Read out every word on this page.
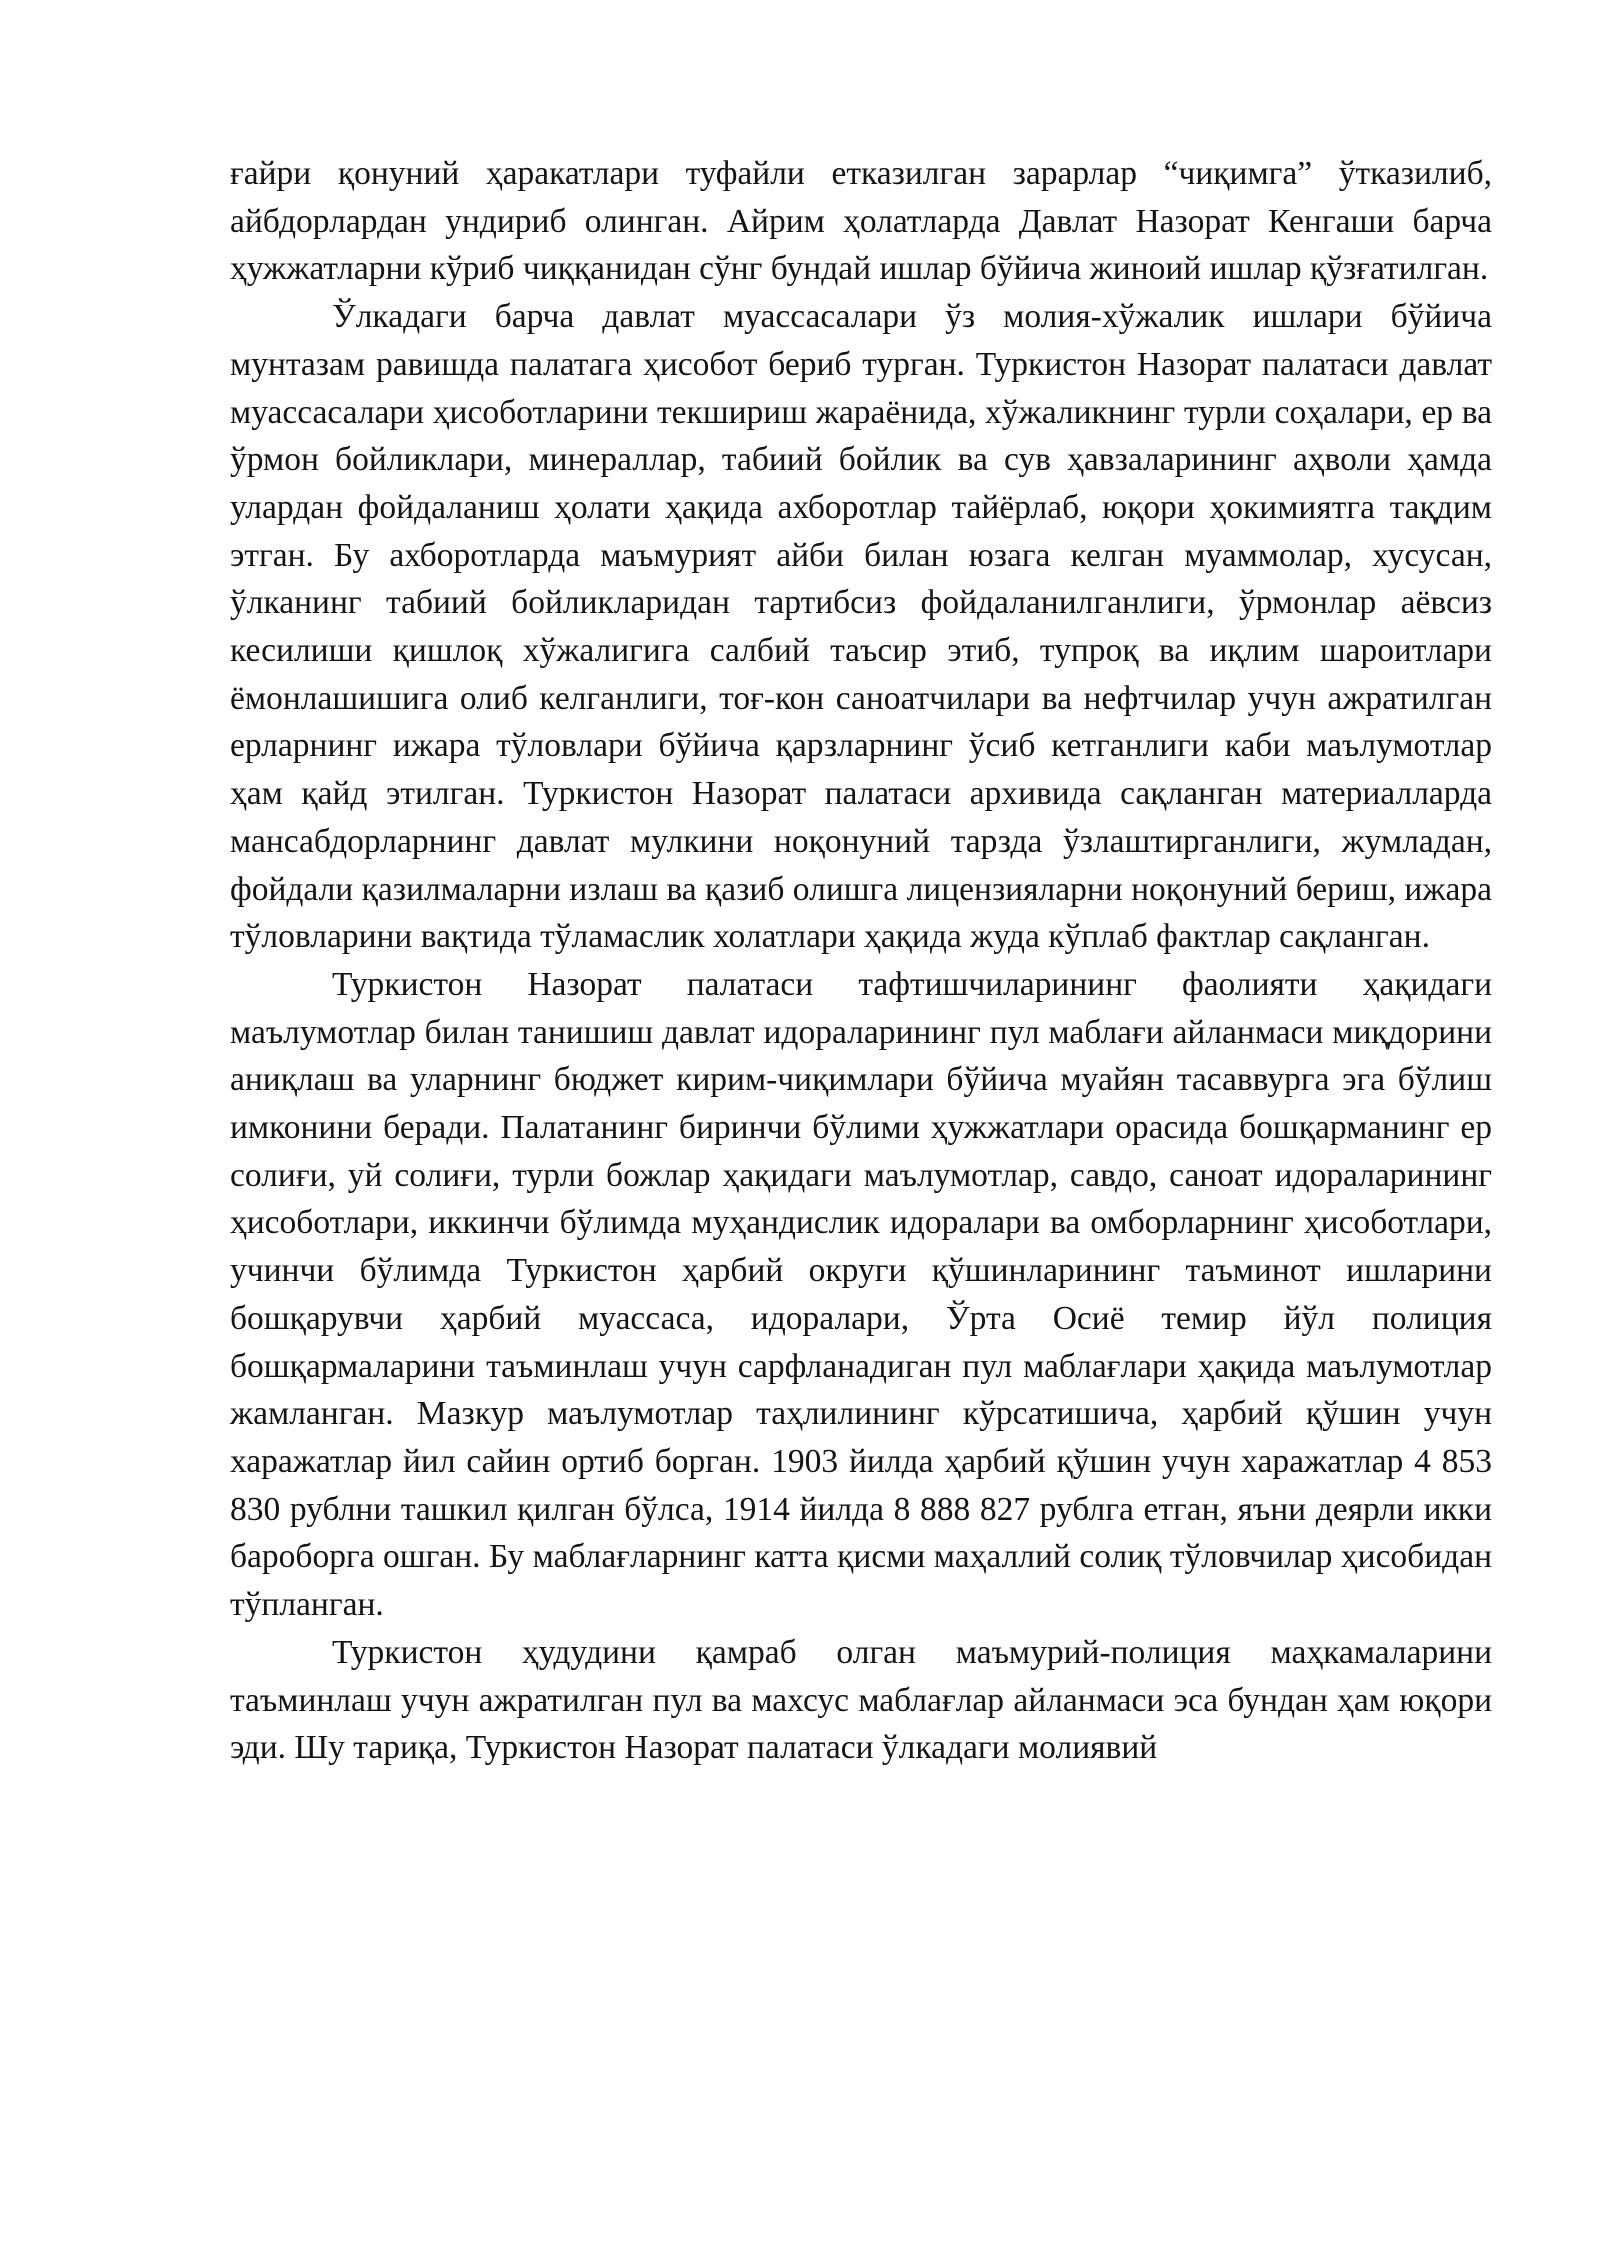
ғайри қонуний ҳаракатлари туфайли етказилган зарарлар “чиқимга” ўтказилиб, айбдорлардан ундириб олинган. Айрим ҳолатларда Давлат Назорат Кенгаши барча ҳужжатларни кўриб чиққанидан сўнг бундай ишлар бўйича жиноий ишлар қўзғатилган.

Ўлкадаги барча давлат муассасалари ўз молия-хўжалик ишлари бўйича мунтазам равишда палатага ҳисобот бериб турган. Туркистон Назорат палатаси давлат муассасалари ҳисоботларини текшириш жараёнида, хўжаликнинг турли соҳалари, ер ва ўрмон бойликлари, минераллар, табиий бойлик ва сув ҳавзаларининг аҳволи ҳамда улардан фойдаланиш ҳолати ҳақида ахборотлар тайёрлаб, юқори ҳокимиятга тақдим этган. Бу ахборотларда маъмурият айби билан юзага келган муаммолар, хусусан, ўлканинг табиий бойликларидан тартибсиз фойдаланилганлиги, ўрмонлар аёвсиз кесилиши қишлоқ хўжалигига салбий таъсир этиб, тупроқ ва иқлим шароитлари ёмонлашишига олиб келганлиги, тоғ-кон саноатчилари ва нефтчилар учун ажратилган ерларнинг ижара тўловлари бўйича қарзларнинг ўсиб кетганлиги каби маълумотлар ҳам қайд этилган. Туркистон Назорат палатаси архивида сақланган материалларда мансабдорларнинг давлат мулкини ноқонуний тарзда ўзлаштирганлиги, жумладан, фойдали қазилмаларни излаш ва қазиб олишга лицензияларни ноқонуний бериш, ижара тўловларини вақтида тўламаслик холатлари ҳақида жуда кўплаб фактлар сақланган.

Туркистон Назорат палатаси тафтишчиларининг фаолияти ҳақидаги маълумотлар билан танишиш давлат идораларининг пул маблағи айланмаси миқдорини аниқлаш ва уларнинг бюджет кирим-чиқимлари бўйича муайян тасаввурга эга бўлиш имконини беради. Палатанинг биринчи бўлими ҳужжатлари орасида бошқарманинг ер солиғи, уй солиғи, турли божлар ҳақидаги маълумотлар, савдо, саноат идораларининг ҳисоботлари, иккинчи бўлимда муҳандислик идоралари ва омборларнинг ҳисоботлари, учинчи бўлимда Туркистон ҳарбий округи қўшинларининг таъминот ишларини бошқарувчи ҳарбий муассаса, идоралари, Ўрта Осиё темир йўл полиция бошқармаларини таъминлаш учун сарфланадиган пул маблағлари ҳақида маълумотлар жамланган. Мазкур маълумотлар таҳлилининг кўрсатишича, ҳарбий қўшин учун харажатлар йил сайин ортиб борган. 1903 йилда ҳарбий қўшин учун харажатлар 4 853 830 рублни ташкил қилган бўлса, 1914 йилда 8 888 827 рублга етган, яъни деярли икки бароборга ошган. Бу маблағларнинг катта қисми маҳаллий солиқ тўловчилар ҳисобидан тўпланган.

Туркистон ҳудудини қамраб олган маъмурий-полиция маҳкамаларини таъминлаш учун ажратилган пул ва махсус маблағлар айланмаси эса бундан ҳам юқори эди. Шу тариқа, Туркистон Назорат палатаси ўлкадаги молиявий
